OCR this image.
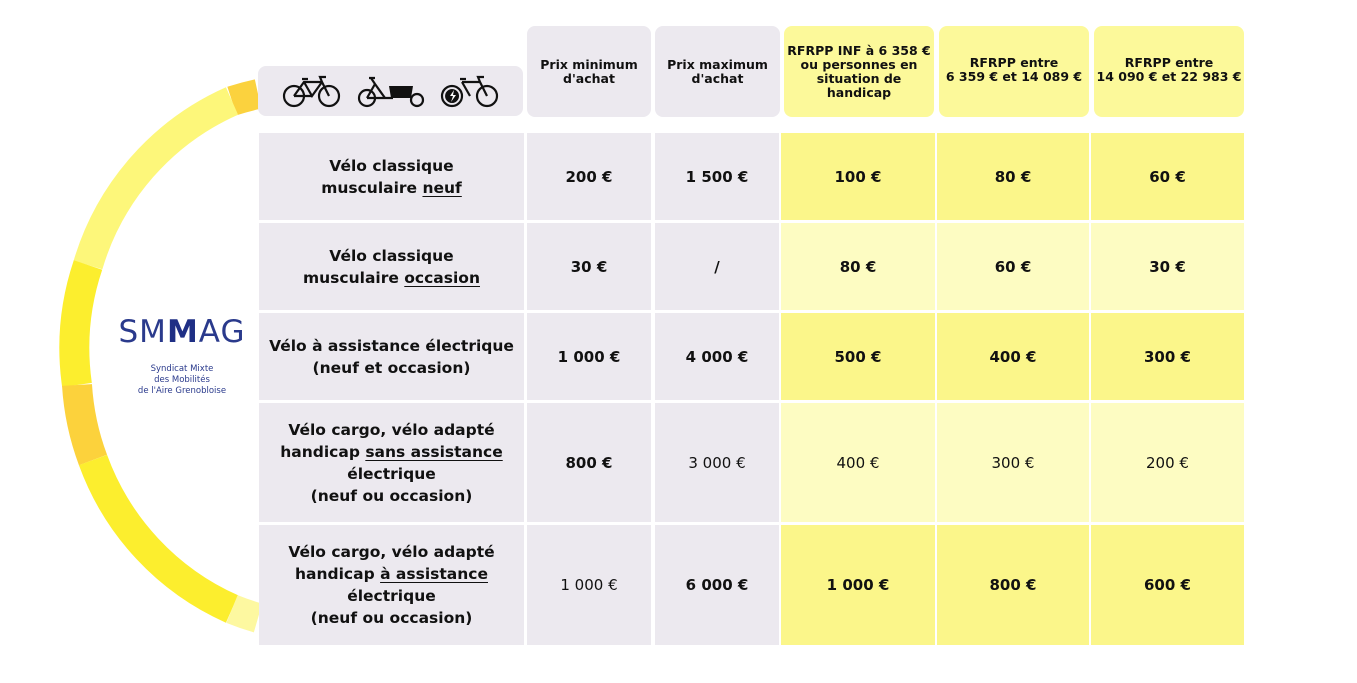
SMMAG
Syndicat Mixte
des Mobilités
de l'Aire Grenobloise
Prix minimum
d'achat
Prix maximum
d'achat
RFRPP INF à 6 358 €
ou personnes en
situation de
handicap
RFRPP entre
6 359 € et 14 089 €
RFRPP entre
14 090 € et 22 983 €
Vélo classique
musculaire neuf
200 €	1 500 €	100 €	80 €	60 €
Vélo classique
musculaire occasion
30 €	/	80 €	60 €	30 €
Vélo à assistance électrique
(neuf et occasion)
1 000 €	4 000 €	500 €	400 €	300 €
Vélo cargo, vélo adapté
handicap sans assistance
électrique
(neuf ou occasion)
800 €	3 000 €	400 €	300 €	200 €
Vélo cargo, vélo adapté
handicap à assistance
électrique
(neuf ou occasion)
1 000 €	6 000 €	1 000 €	800 €	600 €
